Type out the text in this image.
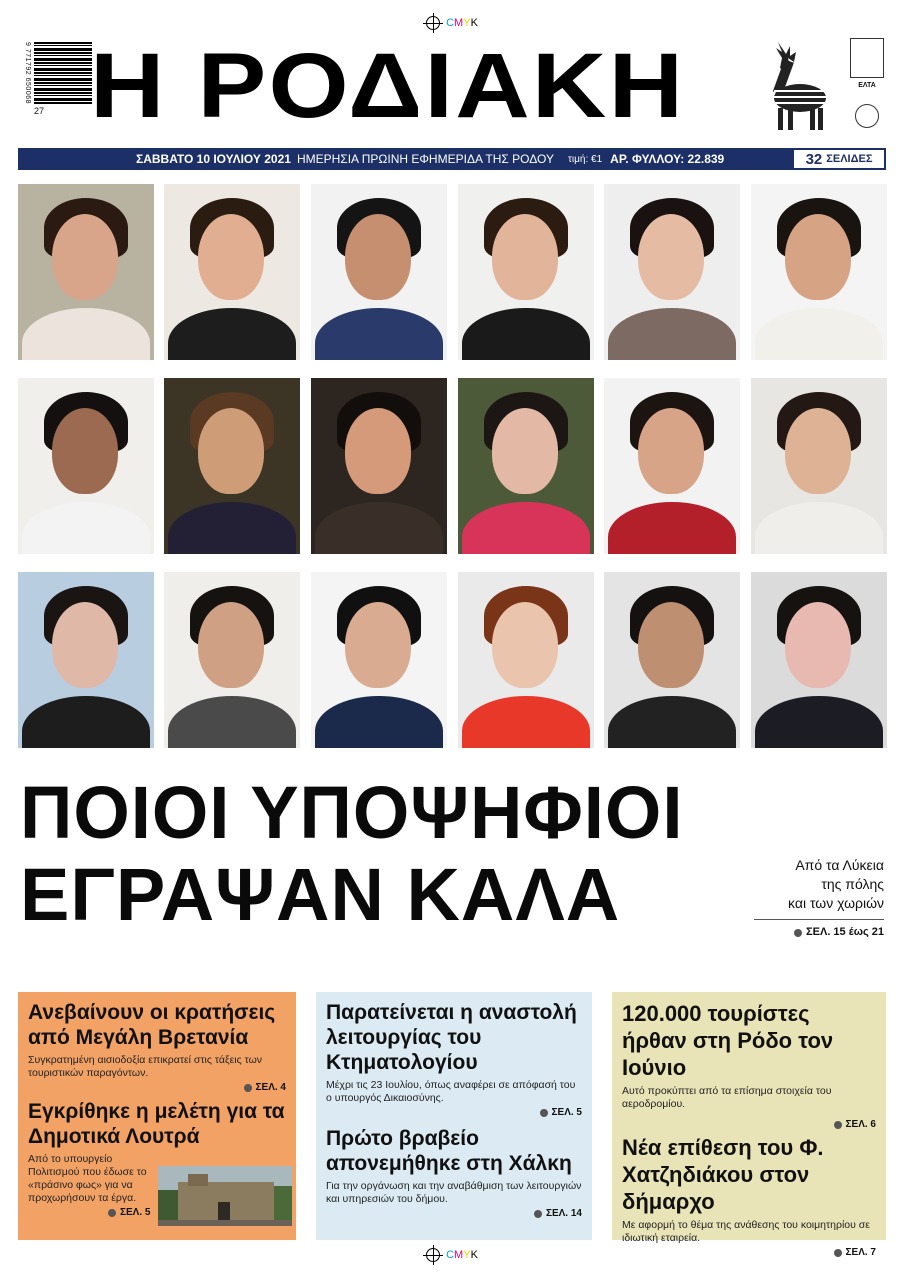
CMYK
9 771792 650068
27 Η ΡΟΔΙΑΚΗ	ΕΛΤΑ
ΣΑΒΒΑΤΟ 10 ΙΟΥΛΙΟΥ 2021 ΗΜΕΡΗΣΙΑ ΠΡΩΙΝΗ ΕΦΗΜΕΡΙΔΑ ΤΗΣ ΡΟΔΟΥ τιμή: €1 ΑΡ. ΦΥΛΛΟΥ: 22.839	32 ΣΕΛΙΔΕΣ
ΠΟΙΟΙ ΥΠΟΨΗΦΙΟΙ
ΕΓΡΑΨΑΝ ΚΑΛΑ	Από τα Λύκεια
της πόλης
και των χωριών
ΣΕΛ. 15 έως 21
Ανεβαίνουν οι κρατήσεις από Μεγάλη Βρετανία

Συγκρατημένη αισιοδοξία επικρατεί στις τάξεις των τουριστικών παραγόντων.

ΣΕΛ. 4
Εγκρίθηκε η μελέτη για τα Δημοτικά Λουτρά

Από το υπουργείο Πολιτισμού που έδωσε το «πράσινο φως» για να προχωρήσουν τα έργα.

ΣΕΛ. 5
Παρατείνεται η αναστολή λειτουργίας του Κτηματολογίου

Μέχρι τις 23 Ιουλίου, όπως αναφέρει σε απόφασή του ο υπουργός Δικαιοσύνης.

ΣΕΛ. 5
Πρώτο βραβείο απονεμήθηκε στη Χάλκη

Για την οργάνωση και την αναβάθμιση των λειτουργιών και υπηρεσιών του δήμου.

ΣΕΛ. 14
120.000 τουρίστες ήρθαν στη Ρόδο τον Ιούνιο

Αυτό προκύπτει από τα επίσημα στοιχεία του αεροδρομίου.

ΣΕΛ. 6
Νέα επίθεση του Φ. Χατζηδιάκου στον δήμαρχο

Με αφορμή το θέμα της ανάθεσης του κοιμητηρίου σε ιδιωτική εταιρεία.

ΣΕΛ. 7
CMYK
